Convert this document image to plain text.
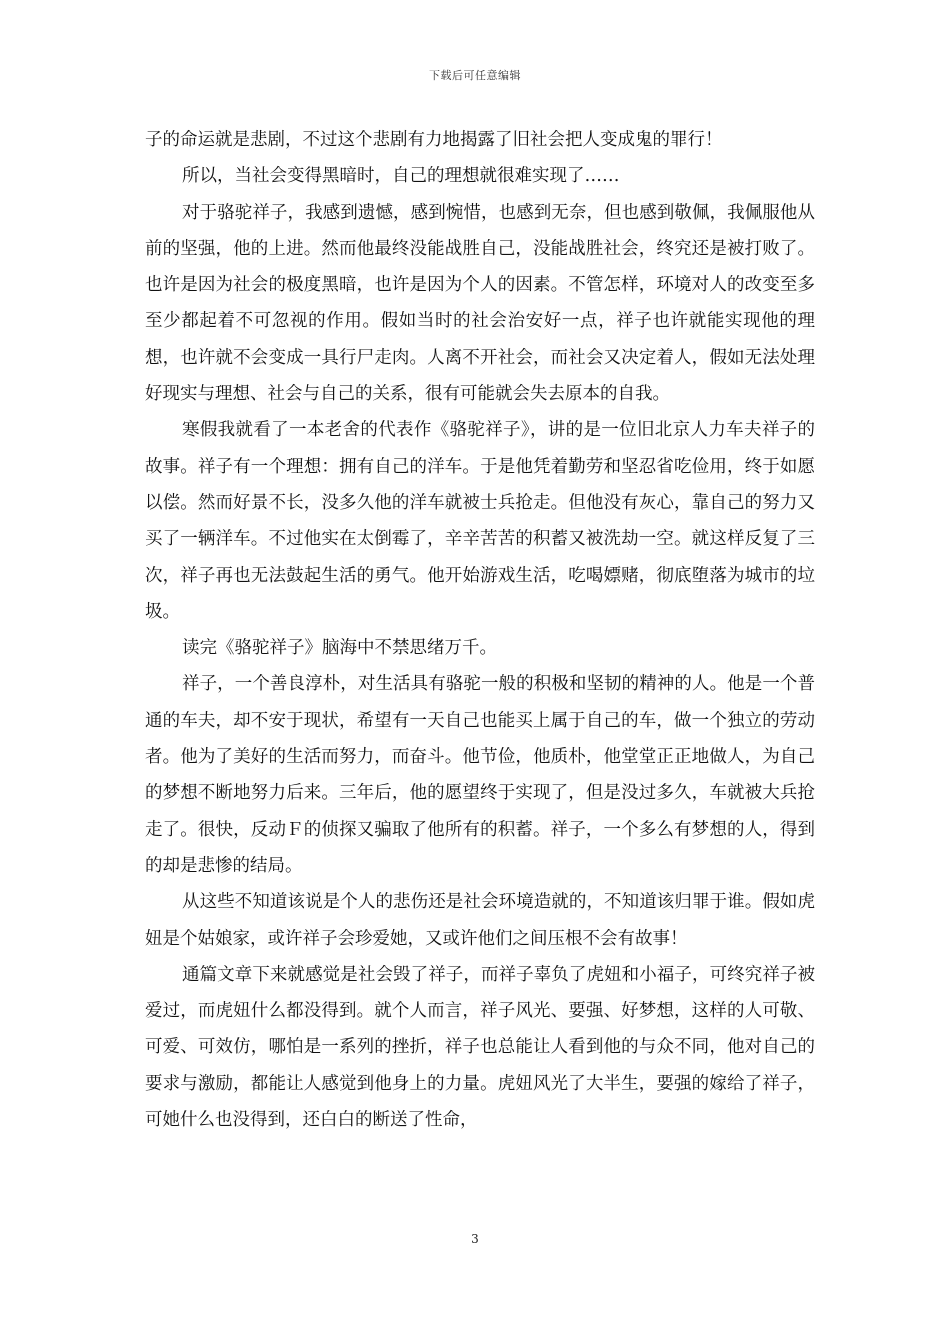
下载后可任意编辑

子的命运就是悲剧，不过这个悲剧有力地揭露了旧社会把人变成鬼的罪行！

所以，当社会变得黑暗时，自己的理想就很难实现了……

对于骆驼祥子，我感到遗憾，感到惋惜，也感到无奈，但也感到敬佩，我佩服他从前的坚强，他的上进。然而他最终没能战胜自己，没能战胜社会，终究还是被打败了。也许是因为社会的极度黑暗，也许是因为个人的因素。不管怎样，环境对人的改变至多至少都起着不可忽视的作用。假如当时的社会治安好一点，祥子也许就能实现他的理想，也许就不会变成一具行尸走肉。人离不开社会，而社会又决定着人，假如无法处理好现实与理想、社会与自己的关系，很有可能就会失去原本的自我。

寒假我就看了一本老舍的代表作《骆驼祥子》，讲的是一位旧北京人力车夫祥子的故事。祥子有一个理想：拥有自己的洋车。于是他凭着勤劳和坚忍省吃俭用，终于如愿以偿。然而好景不长，没多久他的洋车就被士兵抢走。但他没有灰心，靠自己的努力又买了一辆洋车。不过他实在太倒霉了，辛辛苦苦的积蓄又被洗劫一空。就这样反复了三次，祥子再也无法鼓起生活的勇气。他开始游戏生活，吃喝嫖赌，彻底堕落为城市的垃圾。

读完《骆驼祥子》脑海中不禁思绪万千。

祥子，一个善良淳朴，对生活具有骆驼一般的积极和坚韧的精神的人。他是一个普通的车夫，却不安于现状，希望有一天自己也能买上属于自己的车，做一个独立的劳动者。他为了美好的生活而努力，而奋斗。他节俭，他质朴，他堂堂正正地做人，为自己的梦想不断地努力后来。三年后，他的愿望终于实现了，但是没过多久，车就被大兵抢走了。很快，反动Ｆ的侦探又骗取了他所有的积蓄。祥子，一个多么有梦想的人，得到的却是悲惨的结局。

从这些不知道该说是个人的悲伤还是社会环境造就的，不知道该归罪于谁。假如虎妞是个姑娘家，或许祥子会珍爱她，又或许他们之间压根不会有故事！

通篇文章下来就感觉是社会毁了祥子，而祥子辜负了虎妞和小福子，可终究祥子被爱过，而虎妞什么都没得到。就个人而言，祥子风光、要强、好梦想，这样的人可敬、可爱、可效仿，哪怕是一系列的挫折，祥子也总能让人看到他的与众不同，他对自己的要求与激励，都能让人感觉到他身上的力量。虎妞风光了大半生，要强的嫁给了祥子，可她什么也没得到，还白白的断送了性命，

3
